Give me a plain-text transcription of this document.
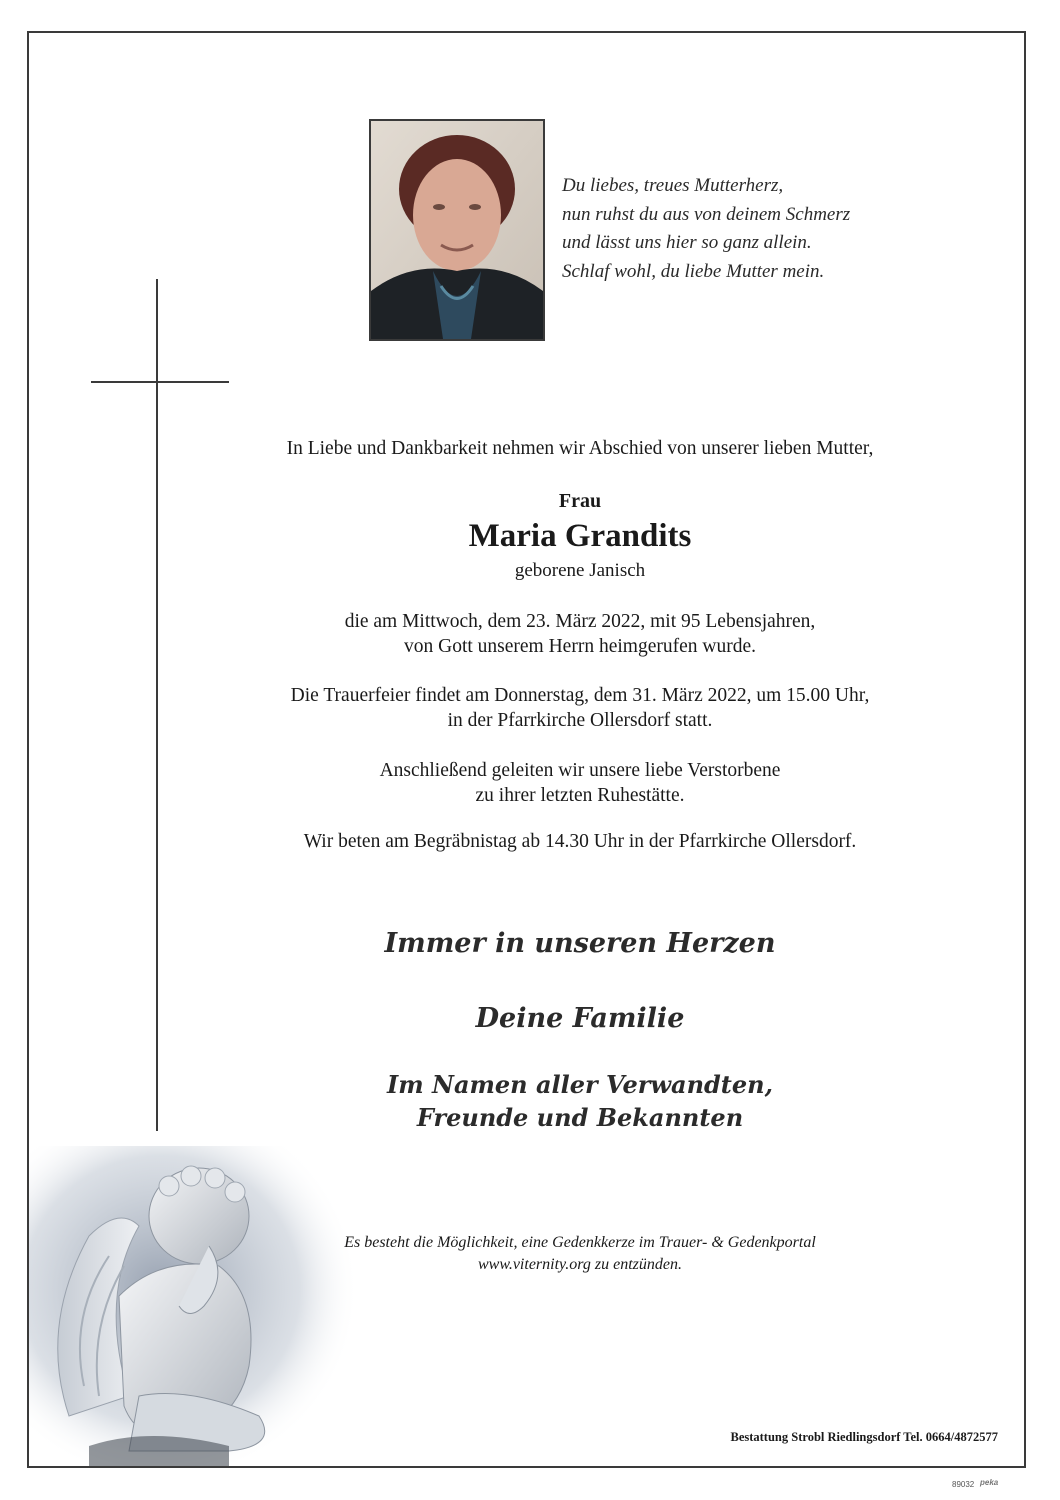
Du liebes, treues Mutterherz,
nun ruhst du aus von deinem Schmerz
und lässt uns hier so ganz allein.
Schlaf wohl, du liebe Mutter mein.
In Liebe und Dankbarkeit nehmen wir Abschied von unserer lieben Mutter,
Frau
Maria Grandits
geborene Janisch
die am Mittwoch, dem 23. März 2022, mit 95 Lebensjahren,
von Gott unserem Herrn heimgerufen wurde.
Die Trauerfeier findet am Donnerstag, dem 31. März 2022, um 15.00 Uhr,
in der Pfarrkirche Ollersdorf statt.
Anschließend geleiten wir unsere liebe Verstorbene
zu ihrer letzten Ruhestätte.
Wir beten am Begräbnistag ab 14.30 Uhr in der Pfarrkirche Ollersdorf.
Immer in unseren Herzen
Deine Familie
Im Namen aller Verwandten,
Freunde und Bekannten
Es besteht die Möglichkeit, eine Gedenkkerze im Trauer- & Gedenkportal
www.viternity.org zu entzünden.
Bestattung Strobl Riedlingsdorf Tel. 0664/4872577
89032 peka
